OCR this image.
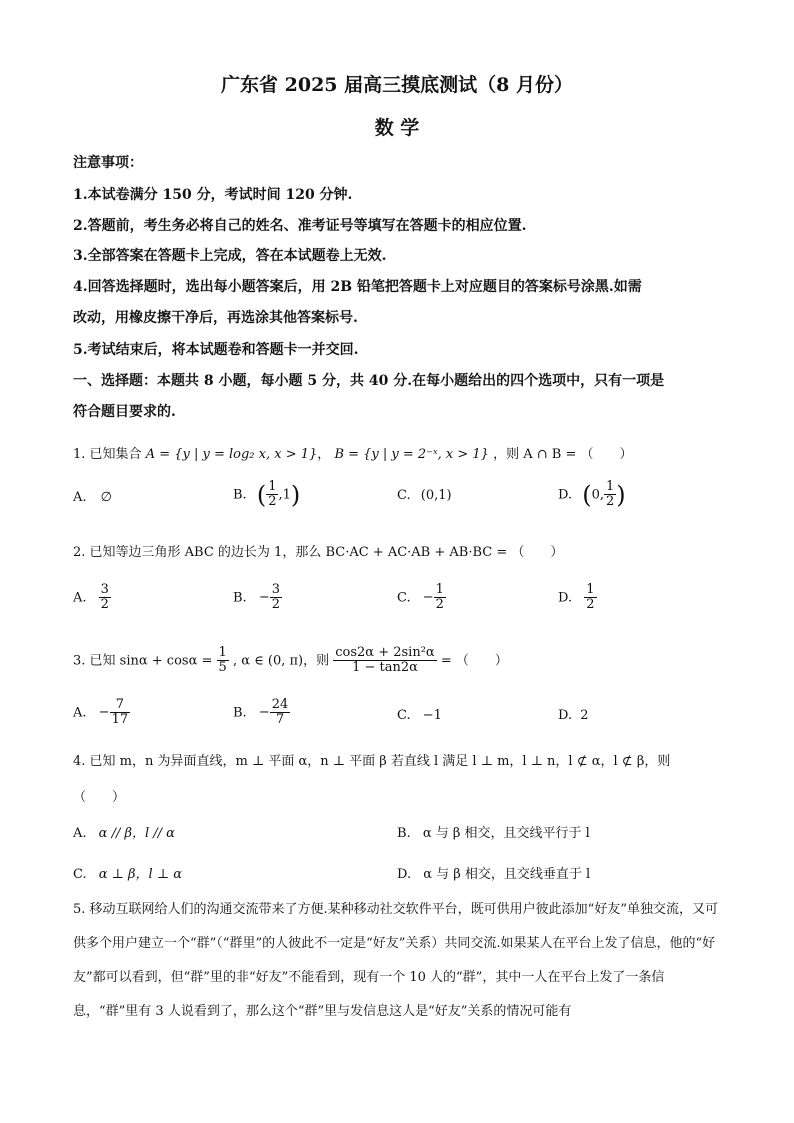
广东省 2025 届高三摸底测试（8 月份）
数 学
注意事项：
1.本试卷满分 150 分，考试时间 120 分钟.
2.答题前，考生务必将自己的姓名、准考证号等填写在答题卡的相应位置.
3.全部答案在答题卡上完成，答在本试题卷上无效.
4.回答选择题时，选出每小题答案后，用 2B 铅笔把答题卡上对应题目的答案标号涂黑.如需
改动，用橡皮擦干净后，再选涂其他答案标号.
5.考试结束后，将本试题卷和答题卡一并交回.
一、选择题：本题共 8 小题，每小题 5 分，共 40 分.在每小题给出的四个选项中，只有一项是
符合题目要求的.
1. 已知集合 A = {y | y = log₂ x, x > 1}， B = {y | y = 2⁻ˣ, x > 1} ，则 A ∩ B = （　　）
A. ∅	B. ( $\frac{1}{2} ,1$)	C. (0,1)	D. (0, $\frac{1}{2}$ )
2. 已知等边三角形 ABC 的边长为 1，那么 BC·AC + AC·AB + AB·BC = （　　）
A. $\frac{3}{2}$	B. − $\frac{3}{2}$	C. − $\frac{1}{2}$	D. $\frac{1}{2}$
3. 已知 $\sin\alpha + \cos\alpha = \frac{1}{5}$ , α ∈ (0, π)，则 $\frac{\text{cos2α + 2sin²α}}{1 - \tan 2\alpha}$ = （　　）
A. − $\frac{7}{17}$	B. − $\frac{24}{7}$	C. −1	D. 2
4. 已知 m，n 为异面直线，m ⊥ 平面 α，n ⊥ 平面 β 若直线 l 满足 l ⊥ m，l ⊥ n，l ⊄ α，l ⊄ β，则
（　　）
A. α // β，l // α	B. α 与 β 相交，且交线平行于 l
C. α ⊥ β，l ⊥ α	D. α 与 β 相交，且交线垂直于 l
5. 移动互联网给人们的沟通交流带来了方便.某种移动社交软件平台，既可供用户彼此添加“好友”单独交流，又可供多个用户建立一个“群”（“群里”的人彼此不一定是“好友”关系）共同交流.如果某人在平台上发了信息，他的“好友”都可以看到，但“群”里的非“好友”不能看到，现有一个 10 人的“群”，其中一人在平台上发了一条信息，“群”里有 3 人说看到了，那么这个“群”里与发信息这人是“好友”关系的情况可能有
